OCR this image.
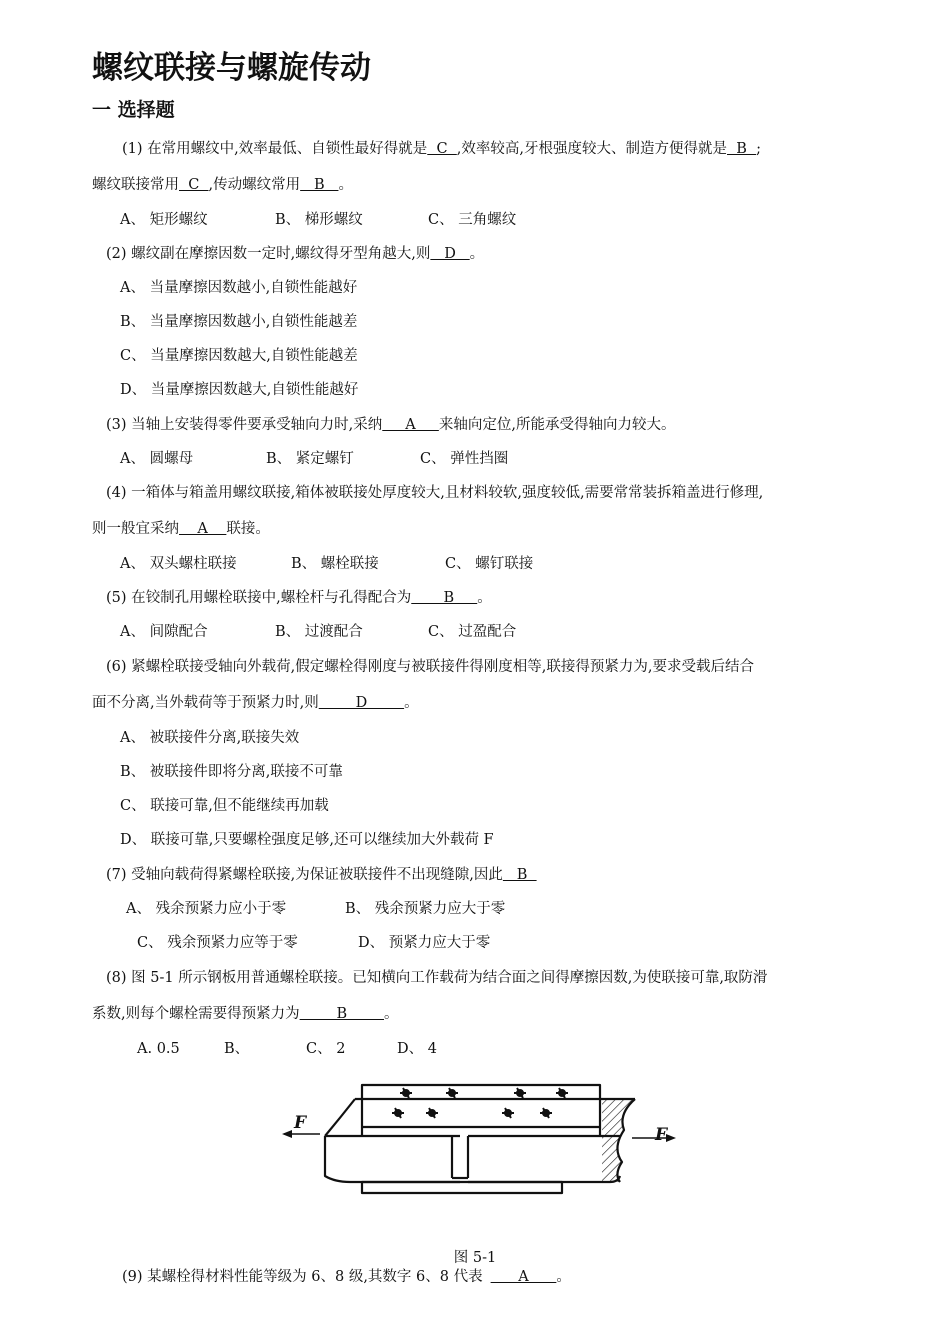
螺纹联接与螺旋传动
一 选择题

(1) 在常用螺纹中,效率最低、自锁性最好得就是  C  ,效率较高,牙根强度较大、制造方便得就是  B  ;

螺纹联接常用  C  ,传动螺纹常用   B   。

A、 矩形螺纹	B、 梯形螺纹	C、 三角螺纹

(2) 螺纹副在摩擦因数一定时,螺纹得牙型角越大,则   D   。

A、 当量摩擦因数越小,自锁性能越好

B、 当量摩擦因数越小,自锁性能越差

C、 当量摩擦因数越大,自锁性能越差

D、 当量摩擦因数越大,自锁性能越好

(3) 当轴上安装得零件要承受轴向力时,采纳     A     来轴向定位,所能承受得轴向力较大。

A、 圆螺母	B、 紧定螺钉	C、 弹性挡圈

(4) 一箱体与箱盖用螺纹联接,箱体被联接处厚度较大,且材料较软,强度较低,需要常常装拆箱盖进行修理,

则一般宜采纳    A    联接。

A、 双头螺柱联接	B、 螺栓联接	C、 螺钉联接

(5) 在铰制孔用螺栓联接中,螺栓杆与孔得配合为       B     。

A、 间隙配合	B、 过渡配合	C、 过盈配合

(6) 紧螺栓联接受轴向外载荷,假定螺栓得刚度与被联接件得刚度相等,联接得预紧力为,要求受载后结合

面不分离,当外载荷等于预紧力时,则        D        。

A、 被联接件分离,联接失效

B、 被联接件即将分离,联接不可靠

C、 联接可靠,但不能继续再加载

D、 联接可靠,只要螺栓强度足够,还可以继续加大外载荷 F

(7) 受轴向载荷得紧螺栓联接,为保证被联接件不出现缝隙,因此   B

A、 残余预紧力应小于零	B、 残余预紧力应大于零

C、 残余预紧力应等于零	D、 预紧力应大于零

(8) 图 5-1 所示钢板用普通螺栓联接。已知横向工作载荷为结合面之间得摩擦因数,为使联接可靠,取防滑

系数,则每个螺栓需要得预紧力为        B        。

A. 0.5	B、	C、 2	D、 4

F
F

图 5-1

(9) 某螺栓得材料性能等级为 6、8 级,其数字 6、8 代表      A      。
